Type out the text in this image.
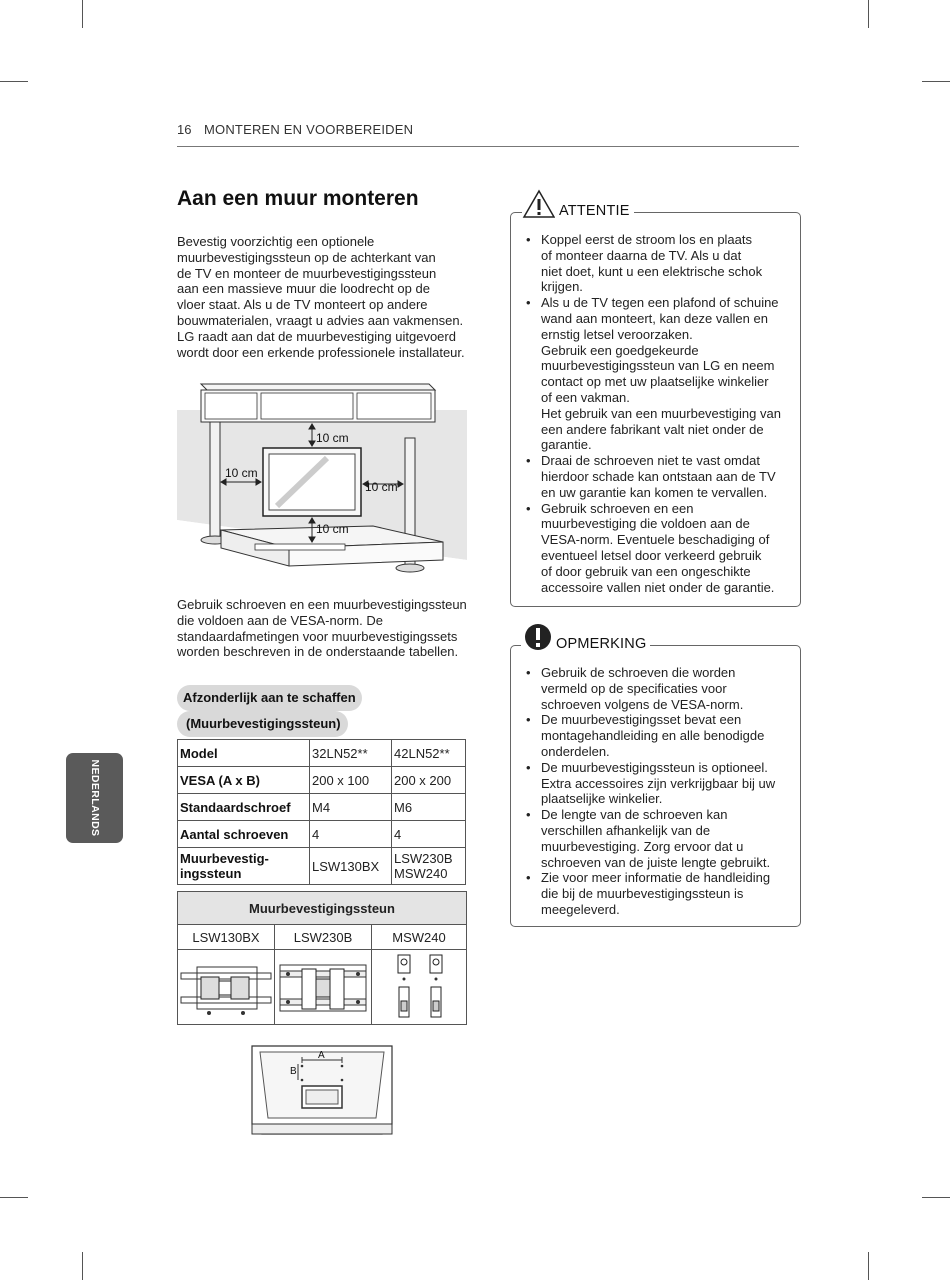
16 MONTEREN EN VOORBEREIDEN
NEDERLANDS
Aan een muur monteren

Bevestig voorzichtig een optionele
muurbevestigingssteun op de achterkant van
de TV en monteer de muurbevestigingssteun
aan een massieve muur die loodrecht op de
vloer staat. Als u de TV monteert op andere
bouwmaterialen, vraagt u advies aan vakmensen.
LG raadt aan dat de muurbevestiging uitgevoerd
wordt door een erkende professionele installateur.

10 cm
10 cm
10 cm
10 cm

Gebruik schroeven en een muurbevestigingssteun
die voldoen aan de VESA-norm. De
standaardafmetingen voor muurbevestigingssets
worden beschreven in de onderstaande tabellen.

Afzonderlijk aan te schaffen
(Muurbevestigingssteun)
Model	32LN52**	42LN52**
VESA (A x B)	200 x 100	200 x 200
Standaardschroef	M4	M6
Aantal schroeven	4	4
Muurbevestig-
ingssteun	LSW130BX	LSW230B
MSW240
Muurbevestigingssteun		
LSW130BX	LSW230B	MSW240

A
B
ATTENTIE
• Koppel eerst de stroom los en plaats
of monteer daarna de TV. Als u dat
niet doet, kunt u een elektrische schok
krijgen.
• Als u de TV tegen een plafond of schuine
wand aan monteert, kan deze vallen en
ernstig letsel veroorzaken.
Gebruik een goedgekeurde
muurbevestigingssteun van LG en neem
contact op met uw plaatselijke winkelier
of een vakman.
Het gebruik van een muurbevestiging van
een andere fabrikant valt niet onder de
garantie.
• Draai de schroeven niet te vast omdat
hierdoor schade kan ontstaan aan de TV
en uw garantie kan komen te vervallen.
• Gebruik schroeven en een
muurbevestiging die voldoen aan de
VESA-norm. Eventuele beschadiging of
eventueel letsel door verkeerd gebruik
of door gebruik van een ongeschikte
accessoire vallen niet onder de garantie.
OPMERKING
• Gebruik de schroeven die worden
vermeld op de specificaties voor
schroeven volgens de VESA-norm.
• De muurbevestigingsset bevat een
montagehandleiding en alle benodigde
onderdelen.
• De muurbevestigingssteun is optioneel.
Extra accessoires zijn verkrijgbaar bij uw
plaatselijke winkelier.
• De lengte van de schroeven kan
verschillen afhankelijk van de
muurbevestiging. Zorg ervoor dat u
schroeven van de juiste lengte gebruikt.
• Zie voor meer informatie de handleiding
die bij de muurbevestigingssteun is
meegeleverd.
